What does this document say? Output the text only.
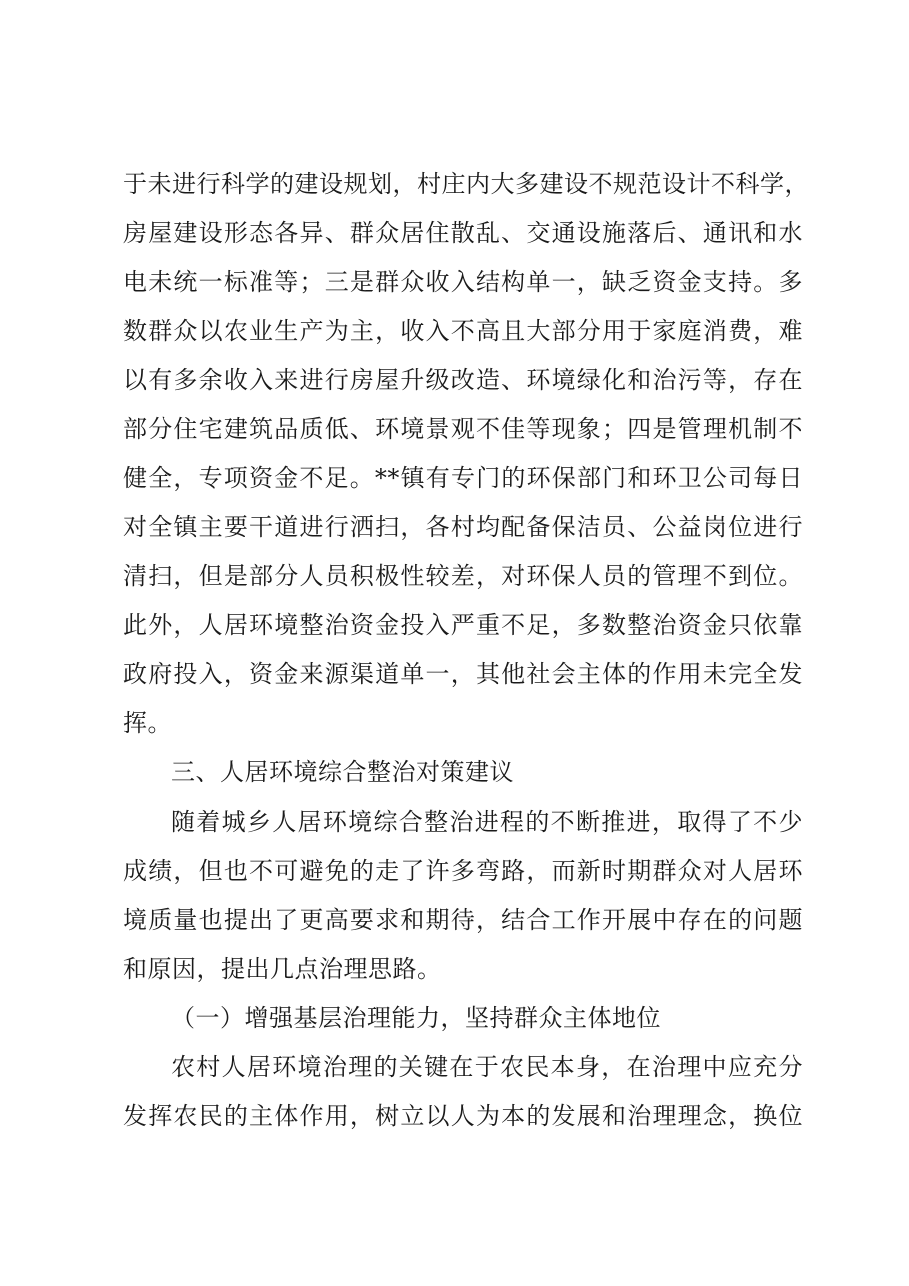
于未进行科学的建设规划，村庄内大多建设不规范设计不科学，
房屋建设形态各异、群众居住散乱、交通设施落后、通讯和水
电未统一标准等；三是群众收入结构单一，缺乏资金支持。多
数群众以农业生产为主，收入不高且大部分用于家庭消费，难
以有多余收入来进行房屋升级改造、环境绿化和治污等，存在
部分住宅建筑品质低、环境景观不佳等现象；四是管理机制不
健全，专项资金不足。**镇有专门的环保部门和环卫公司每日
对全镇主要干道进行洒扫，各村均配备保洁员、公益岗位进行
清扫，但是部分人员积极性较差，对环保人员的管理不到位。
此外，人居环境整治资金投入严重不足，多数整治资金只依靠
政府投入，资金来源渠道单一，其他社会主体的作用未完全发
挥。
三、人居环境综合整治对策建议
随着城乡人居环境综合整治进程的不断推进，取得了不少
成绩，但也不可避免的走了许多弯路，而新时期群众对人居环
境质量也提出了更高要求和期待，结合工作开展中存在的问题
和原因，提出几点治理思路。
（一）增强基层治理能力，坚持群众主体地位
农村人居环境治理的关键在于农民本身，在治理中应充分
发挥农民的主体作用，树立以人为本的发展和治理理念，换位
